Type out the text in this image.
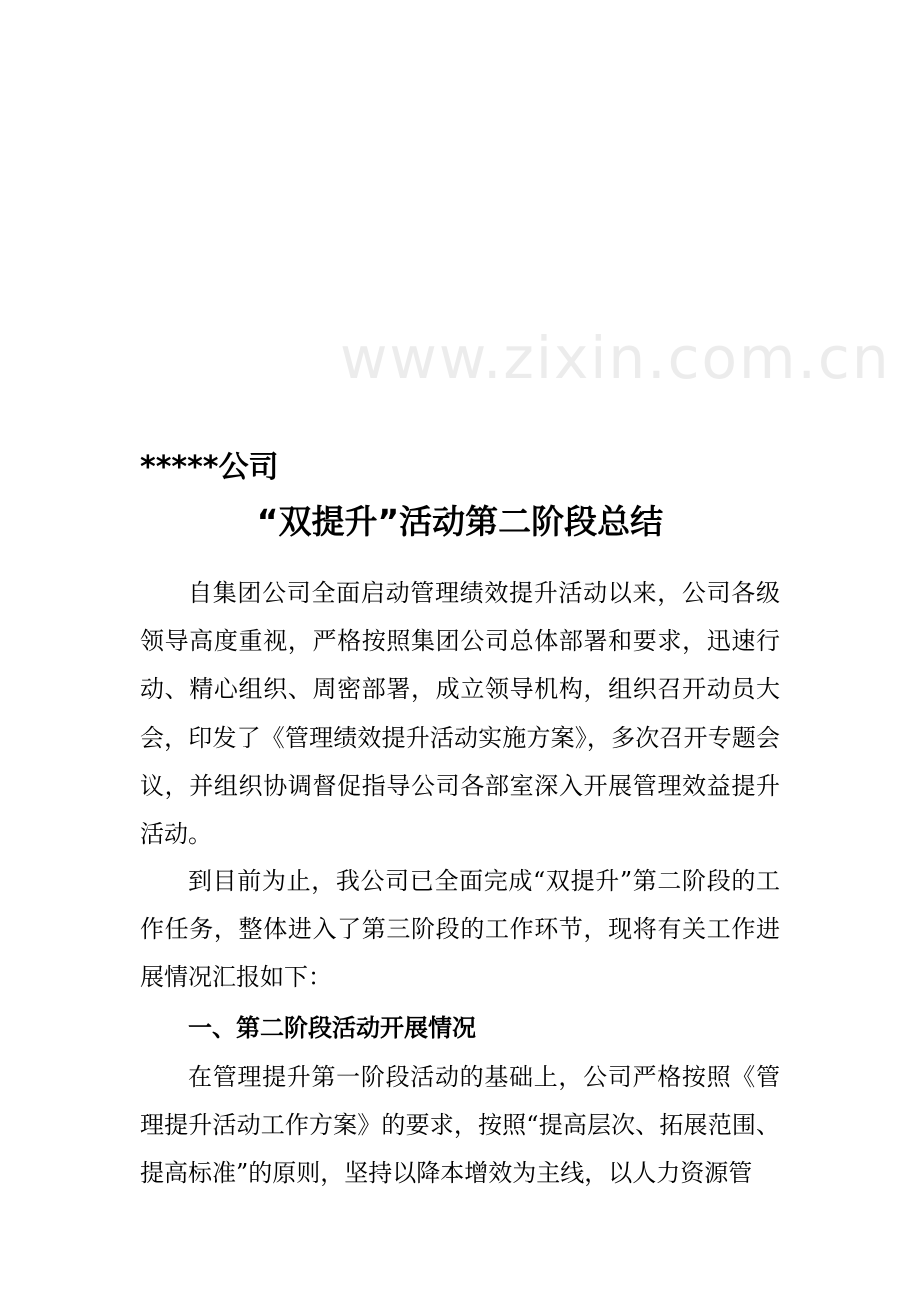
www.zixin.com.cn
*****公司
“双提升”活动第二阶段总结

自集团公司全面启动管理绩效提升活动以来，公司各级领导高度重视，严格按照集团公司总体部署和要求，迅速行动、精心组织、周密部署，成立领导机构，组织召开动员大会，印发了《管理绩效提升活动实施方案》，多次召开专题会议，并组织协调督促指导公司各部室深入开展管理效益提升活动。

到目前为止，我公司已全面完成“双提升”第二阶段的工作任务，整体进入了第三阶段的工作环节，现将有关工作进展情况汇报如下：

一、第二阶段活动开展情况

在管理提升第一阶段活动的基础上，公司严格按照《管理提升活动工作方案》的要求，按照“提高层次、拓展范围、提高标准”的原则，坚持以降本增效为主线，以人力资源管
